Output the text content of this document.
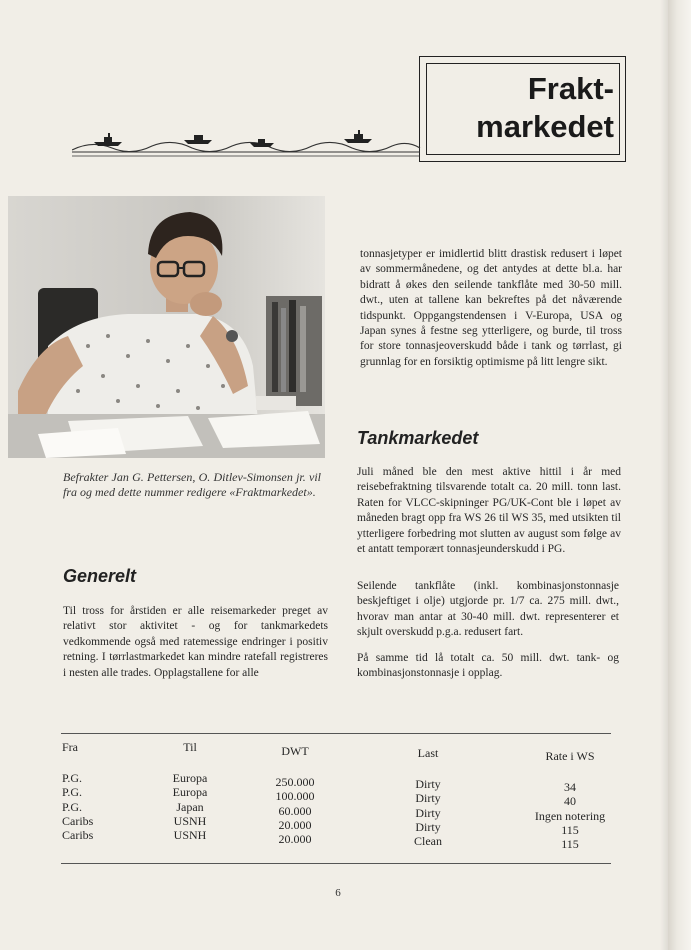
Frakt-
markedet

Befrakter Jan G. Pettersen, O. Ditlev-Simonsen jr. vil fra og med dette nummer redigere «Fraktmarkedet».

Generelt

Til tross for årstiden er alle reisemarkeder preget av relativt stor aktivitet - og for tankmarkedets vedkommende også med ratemessige endringer i positiv retning. I tørrlastmarkedet kan mindre ratefall registreres i nesten alle trades. Opplagstallene for alle

tonnasjetyper er imidlertid blitt drastisk redusert i løpet av sommermånedene, og det antydes at dette bl.a. har bidratt å økes den seilende tankflåte med 30-50 mill. dwt., uten at tallene kan bekreftes på det nåværende tidspunkt. Oppgangstendensen i V-Europa, USA og Japan synes å festne seg ytterligere, og burde, til tross for store tonnasjeoverskudd både i tank og tørrlast, gi grunnlag for en forsiktig optimisme på litt lengre sikt.

Tankmarkedet

Juli måned ble den mest aktive hittil i år med reisebefraktning tilsvarende totalt ca. 20 mill. tonn last. Raten for VLCC-skipninger PG/UK-Cont ble i løpet av måneden bragt opp fra WS 26 til WS 35, med utsikten til ytterligere forbedring mot slutten av august som følge av et antatt temporært tonnasjeunderskudd i PG.

Seilende tankflåte (inkl. kombinasjonstonnasje beskjeftiget i olje) utgjorde pr. 1/7 ca. 275 mill. dwt., hvorav man antar at 30-40 mill. dwt. representerer et skjult overskudd p.g.a. redusert fart.

På samme tid lå totalt ca. 50 mill. dwt. tank- og kombinasjonstonnasje i opplag.

Fra
P.G.
P.G.
P.G.
Caribs
Caribs
Til
Europa
Europa
Japan
USNH
USNH
DWT
250.000
100.000
60.000
20.000
20.000
Last
Dirty
Dirty
Dirty
Dirty
Clean
Rate i WS
34
40
Ingen notering
115
115

6
